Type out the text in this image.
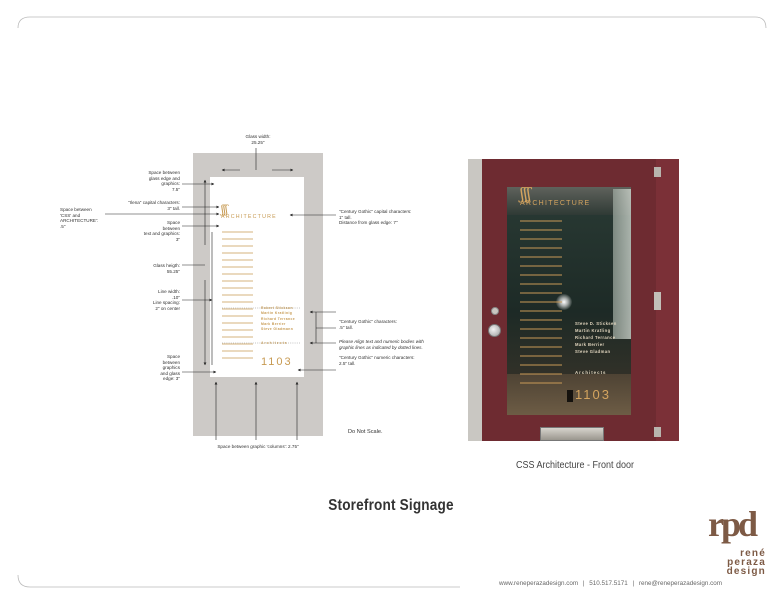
ʃʃʃ
ARCHITECTURE
Robert Stickson
Martin Kratlinig
Richard Terrance
Mark Berrier
Steve Gladmann
Architects
1103
Glass width:
25.25"
Space between
glass edge and
graphics:
7.5"
"Ilena" capital characters:
3" tall.
Space between
'CSS' and
ARCHITECTURE':
.5"
Space
between
text and graphics:
3"
Glass heigth:
55.25"
Line width:
.10"
Line spacing:
2" on center
Space
between
graphics
and glass
edge: 3"
"Century Gothic" capital characters:
1" tall.
Distance from glass edge: 7"
"Century Gothic" characters:
.5" tall.
Please Align text and numeric bodies with
graphic lines as indicated by dotted lines.
"Century Gothic" numeric characters:
2.5" tall.
Space between graphic 'columns': 2.75"
Do Not Scale.
ʃʃʃ
ARCHITECTURE
Steve D. Sticksen
Martin Kratling
Richard Terrance
Mark Berrier
Steve Gladman
Architects
1103
CSS Architecture - Front door
Storefront Signage
www.reneperazadesign.com | 510.517.5171 | rene@reneperazadesign.com
rpd
rené
peraza
design
